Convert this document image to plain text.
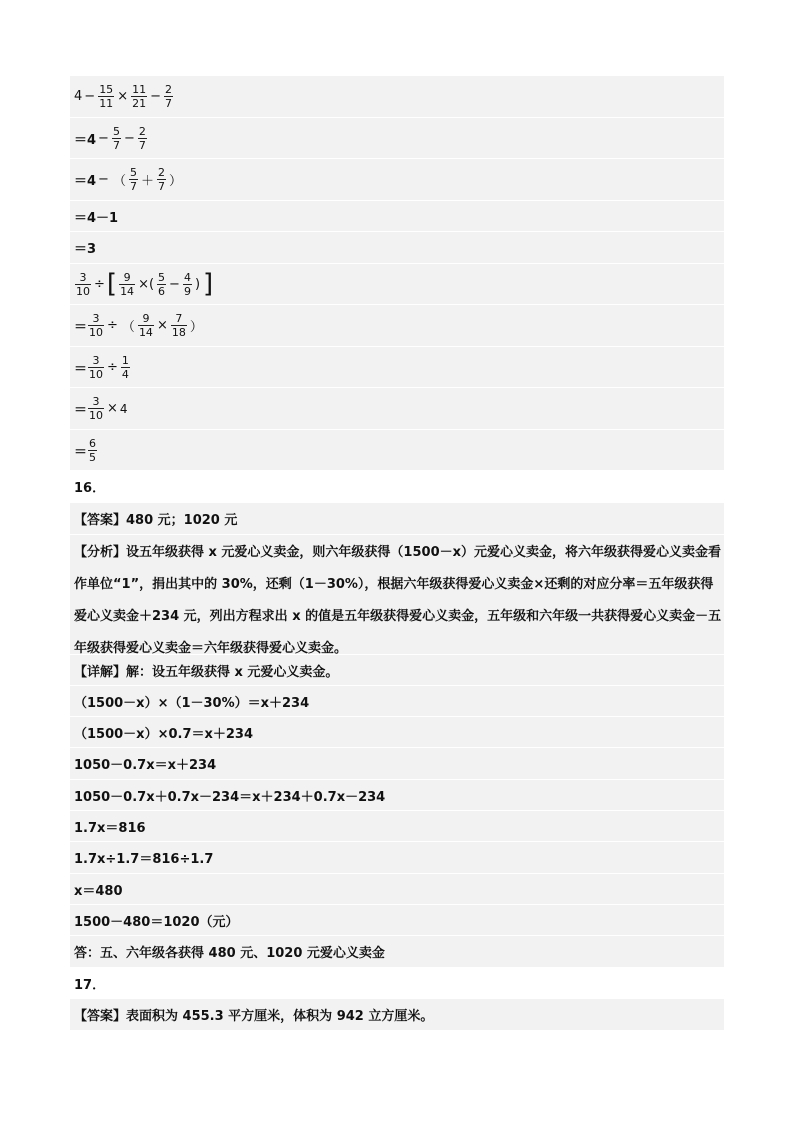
$4 - \frac{15}{11} \times \frac{11}{21} - \frac{2}{7}$
$=4 - \frac{5}{7} - \frac{2}{7}$
＝4 − （ $\frac{5}{7} + \frac{2}{7}$ ）
＝4－1
＝3
$\frac{3}{10}$ ÷ [ $\frac{9}{14}$ ×( $\frac{5}{6} - \frac{4}{9}$ ) ]
＝ $\frac{3}{10}$ ÷ （ $\frac{9}{14} \times \frac{7}{18}$ ）
＝ $\frac{3}{10} \div \frac{1}{4}$
＝ $\frac{3}{10} \times 4$
＝ $\frac{6}{5}$
16．
【答案】480 元；1020 元
【分析】设五年级获得 x 元爱心义卖金，则六年级获得（1500－x）元爱心义卖金，将六年级获得爱心义卖金看作单位“1”，捐出其中的 30%，还剩（1－30%），根据六年级获得爱心义卖金×还剩的对应分率＝五年级获得爱心义卖金＋234 元，列出方程求出 x 的值是五年级获得爱心义卖金，五年级和六年级一共获得爱心义卖金－五年级获得爱心义卖金＝六年级获得爱心义卖金。
【详解】解：设五年级获得 x 元爱心义卖金。
（1500－x）×（1－30%）＝x＋234
（1500－x）×0.7＝x＋234
1050－0.7x＝x＋234
1050－0.7x＋0.7x－234＝x＋234＋0.7x－234
1.7x＝816
1.7x÷1.7＝816÷1.7
x＝480
1500－480＝1020（元）
答：五、六年级各获得 480 元、1020 元爱心义卖金
17．
【答案】表面积为 455.3 平方厘米，体积为 942 立方厘米。
